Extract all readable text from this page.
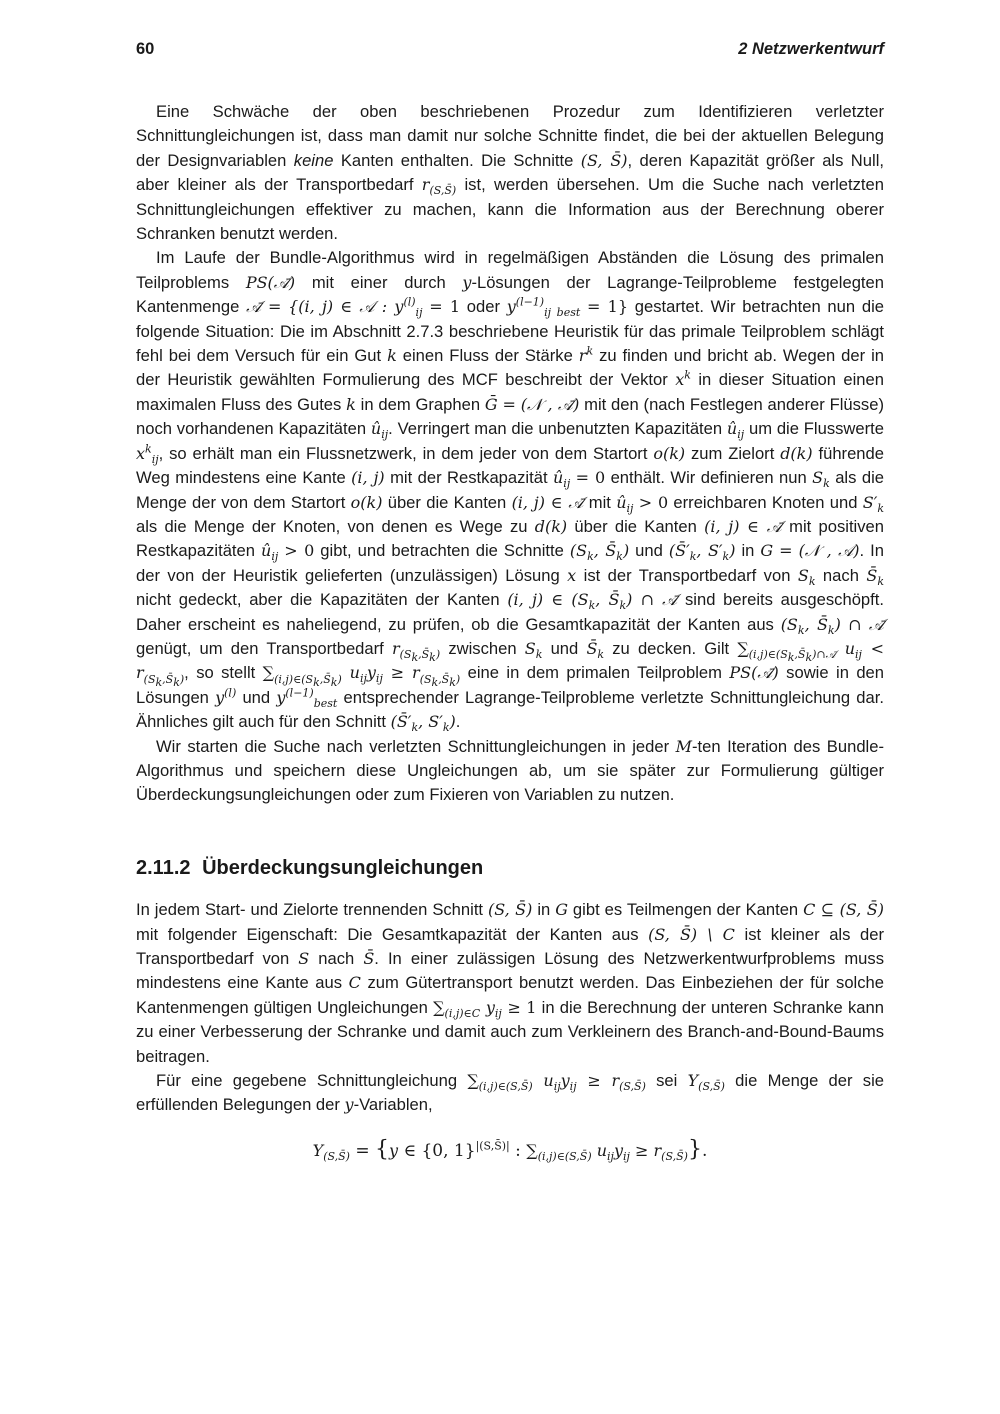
60	2 Netzwerkentwurf

Eine Schwäche der oben beschriebenen Prozedur zum Identifizieren verletzter Schnittungleichungen ist, dass man damit nur solche Schnitte findet, die bei der aktuellen Belegung der Designvariablen keine Kanten enthalten. Die Schnitte (S, S̄), deren Kapazität größer als Null, aber kleiner als der Transportbedarf $r_{(S,S̄)}$ ist, werden übersehen. Um die Suche nach verletzten Schnittungleichungen effektiver zu machen, kann die Information aus der Berechnung oberer Schranken benutzt werden.

Im Laufe der Bundle-Algorithmus wird in regelmäßigen Abständen die Lösung des primalen Teilproblems PS(𝒜̄) mit einer durch y-Lösungen der Lagrange-Teilprobleme festgelegten Kantenmenge 𝒜̄ = {(i, j) ∈ 𝒜 : $y^{(l)}_{ij} = 1$ oder $y^{(l-1)}_{ij best} = 1$} gestartet. Wir betrachten nun die folgende Situation: Die im Abschnitt 2.7.3 beschriebene Heuristik für das primale Teilproblem schlägt fehl bei dem Versuch für ein Gut k einen Fluss der Stärke $r^k$ zu finden und bricht ab. Wegen der in der Heuristik gewählten Formulierung des MCF beschreibt der Vektor $x^k$ in dieser Situation einen maximalen Fluss des Gutes k in dem Graphen Ḡ = (𝒩 , 𝒜̄) mit den (nach Festlegen anderer Flüsse) noch vorhandenen Kapazitäten $û_{ij}$. Verringert man die unbenutzten Kapazitäten $û_{ij}$ um die Flusswerte $x^k_{ij}$, so erhält man ein Flussnetzwerk, in dem jeder von dem Startort o(k) zum Zielort d(k) führende Weg mindestens eine Kante (i, j) mit der Restkapazität $û_{ij} = 0$ enthält. Wir definieren nun $S_k$ als die Menge der von dem Startort o(k) über die Kanten (i, j) ∈ 𝒜̄ mit $û_{ij} > 0$ erreichbaren Knoten und $S'_k$ als die Menge der Knoten, von denen es Wege zu d(k) über die Kanten (i, j) ∈ 𝒜̄ mit positiven Restkapazitäten $û_{ij} > 0$ gibt, und betrachten die Schnitte ($S_k$, $S̄_k$) und ($S̄'_k$, $S'_k$) in G = (𝒩 , 𝒜). In der von der Heuristik gelieferten (unzulässigen) Lösung x ist der Transportbedarf von $S_k$ nach $S̄_k$ nicht gedeckt, aber die Kapazitäten der Kanten (i, j) ∈ ($S_k$, $S̄_k$) ∩ 𝒜̄ sind bereits ausgeschöpft. Daher erscheint es naheliegend, zu prüfen, ob die Gesamtkapazität der Kanten aus ($S_k$, $S̄_k$) ∩ 𝒜̄ genügt, um den Transportbedarf $r_{(S_k,S̄_k)}$ zwischen $S_k$ und $S̄_k$ zu decken. Gilt $\sum_{(i,j)\in(S_k,S̄_k)\cap 𝒜̄}$ $u_{ij} < r_{(S_k,S̄_k)}$, so stellt $\sum_{(i,j)\in(S_k,S̄_k)}$ $u_{ij}y_{ij} \ge r_{(S_k,S̄_k)}$ eine in dem primalen Teilproblem PS(𝒜̄) sowie in den Lösungen $y^{(l)}$ und $y^{(l-1)}_{best}$ entsprechender Lagrange-Teilprobleme verletzte Schnittungleichung dar. Ähnliches gilt auch für den Schnitt ($S̄'_k$, $S'_k$).

Wir starten die Suche nach verletzten Schnittungleichungen in jeder M-ten Iteration des Bundle-Algorithmus und speichern diese Ungleichungen ab, um sie später zur Formulierung gültiger Überdeckungsungleichungen oder zum Fixieren von Variablen zu nutzen.

2.11.2 Überdeckungsungleichungen

In jedem Start- und Zielorte trennenden Schnitt (S, S̄) in G gibt es Teilmengen der Kanten C ⊆ (S, S̄) mit folgender Eigenschaft: Die Gesamtkapazität der Kanten aus (S, S̄) \ C ist kleiner als der Transportbedarf von S nach S̄. In einer zulässigen Lösung des Netzwerkentwurfproblems muss mindestens eine Kante aus C zum Gütertransport benutzt werden. Das Einbeziehen der für solche Kantenmengen gültigen Ungleichungen $\sum_{(i,j)\in C}$ $y_{ij} \ge 1$ in die Berechnung der unteren Schranke kann zu einer Verbesserung der Schranke und damit auch zum Verkleinern des Branch-and-Bound-Baums beitragen.

Für eine gegebene Schnittungleichung $\sum_{(i,j)\in(S,S̄)}$ $u_{ij}y_{ij} \ge r_{(S,S̄)}$ sei $Y_{(S,S̄)}$ die Menge der sie erfüllenden Belegungen der y-Variablen,

$Y_{(S,S̄)} = \{y$ ∈ {0, 1}$^{|(S,S̄)|}$ : $\sum_{(i,j)\in(S,S̄)}$ $u_{ij}y_{ij} \ge r_{(S,S̄)}$}.
